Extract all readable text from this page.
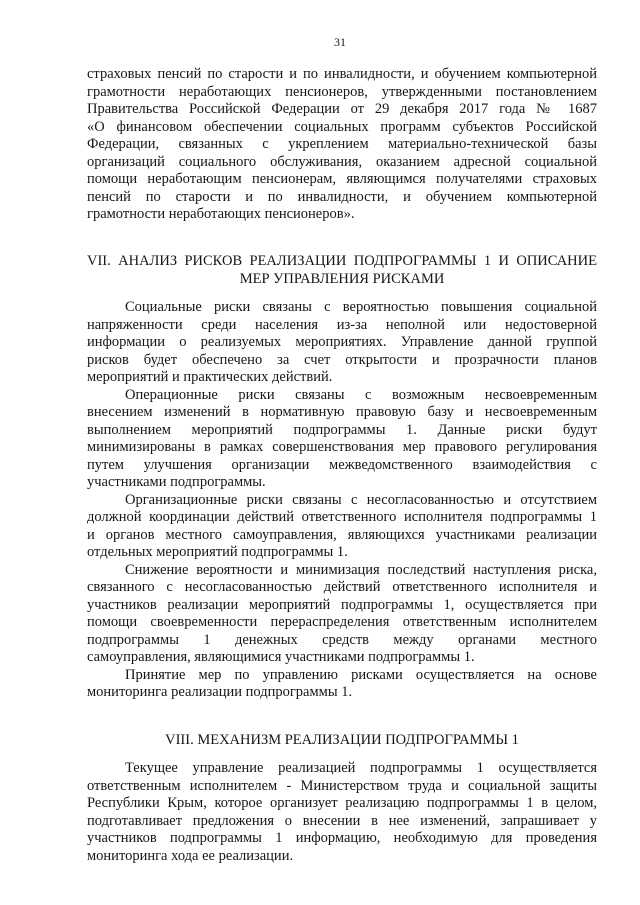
31
страховых пенсий по старости и по инвалидности, и обучением компьютерной
грамотности неработающих пенсионеров, утвержденными постановлением
Правительства Российской Федерации от 29 декабря 2017 года № 1687
«О финансовом обеспечении социальных программ субъектов Российской
Федерации, связанных с укреплением материально-технической базы
организаций социального обслуживания, оказанием адресной социальной
помощи неработающим пенсионерам, являющимся получателями страховых
пенсий по старости и по инвалидности, и обучением компьютерной
грамотности неработающих пенсионеров».
VII. АНАЛИЗ РИСКОВ РЕАЛИЗАЦИИ ПОДПРОГРАММЫ 1 И ОПИСАНИЕ
МЕР УПРАВЛЕНИЯ РИСКАМИ
Социальные риски связаны с вероятностью повышения социальной
напряженности среди населения из-за неполной или недостоверной
информации о реализуемых мероприятиях. Управление данной группой
рисков будет обеспечено за счет открытости и прозрачности планов
мероприятий и практических действий.
Операционные риски связаны с возможным несвоевременным
внесением изменений в нормативную правовую базу и несвоевременным
выполнением мероприятий подпрограммы 1. Данные риски будут
минимизированы в рамках совершенствования мер правового регулирования
путем улучшения организации межведомственного взаимодействия с
участниками подпрограммы.
Организационные риски связаны с несогласованностью и отсутствием
должной координации действий ответственного исполнителя подпрограммы 1
и органов местного самоуправления, являющихся участниками реализации
отдельных мероприятий подпрограммы 1.
Снижение вероятности и минимизация последствий наступления риска,
связанного с несогласованностью действий ответственного исполнителя и
участников реализации мероприятий подпрограммы 1, осуществляется при
помощи своевременности перераспределения ответственным исполнителем
подпрограммы 1 денежных средств между органами местного
самоуправления, являющимися участниками подпрограммы 1.
Принятие мер по управлению рисками осуществляется на основе
мониторинга реализации подпрограммы 1.
VIII. МЕХАНИЗМ РЕАЛИЗАЦИИ ПОДПРОГРАММЫ 1
Текущее управление реализацией подпрограммы 1 осуществляется
ответственным исполнителем - Министерством труда и социальной защиты
Республики Крым, которое организует реализацию подпрограммы 1 в целом,
подготавливает предложения о внесении в нее изменений, запрашивает у
участников подпрограммы 1 информацию, необходимую для проведения
мониторинга хода ее реализации.
